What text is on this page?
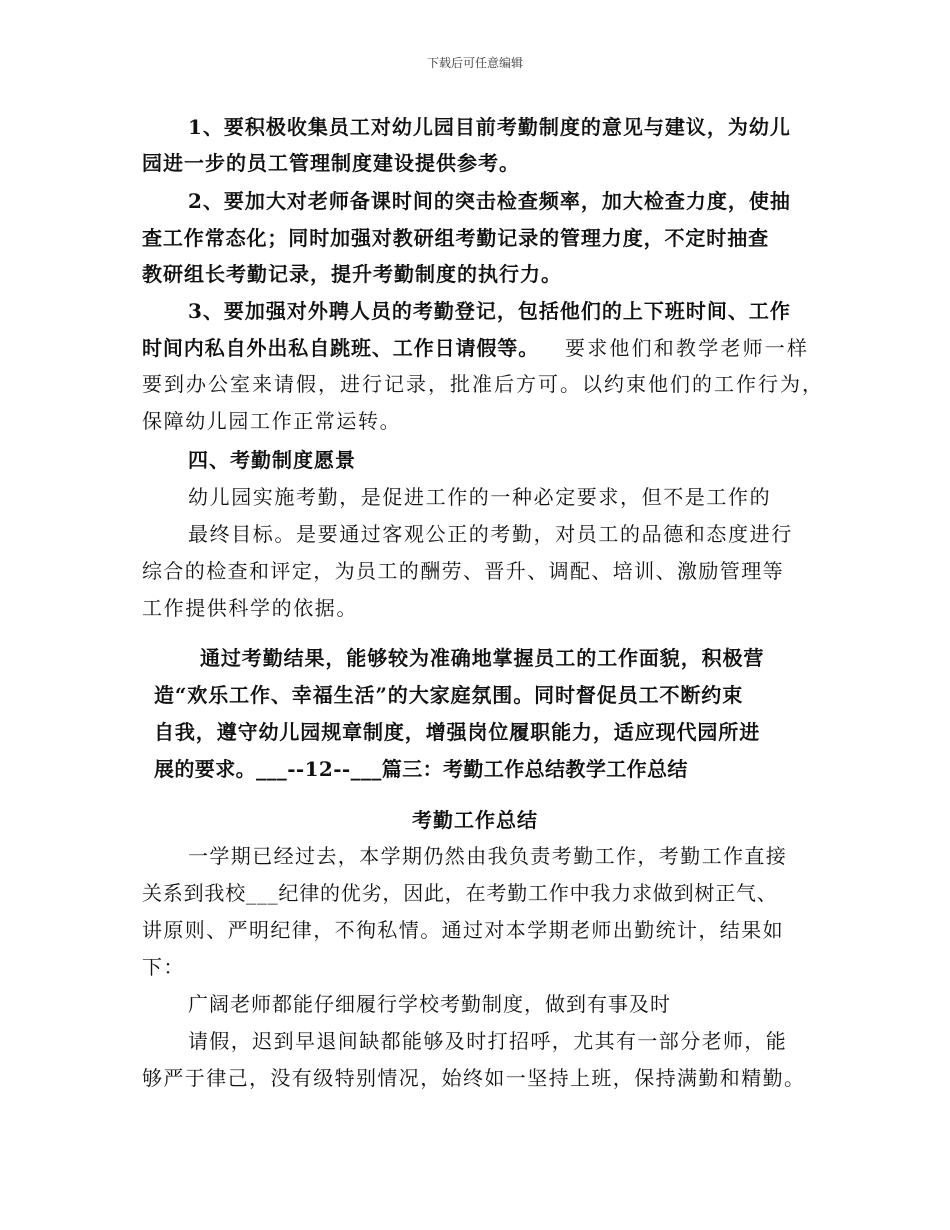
下载后可任意编辑
1、要积极收集员工对幼儿园目前考勤制度的意见与建议，为幼儿
园进一步的员工管理制度建设提供参考。
2、要加大对老师备课时间的突击检查频率，加大检查力度，使抽
查工作常态化；同时加强对教研组考勤记录的管理力度，不定时抽查
教研组长考勤记录，提升考勤制度的执行力。
3、要加强对外聘人员的考勤登记，包括他们的上下班时间、工作
时间内私自外出私自跳班、工作日请假等。 要求他们和教学老师一样
要到办公室来请假，进行记录，批准后方可。以约束他们的工作行为，
保障幼儿园工作正常运转。
四、考勤制度愿景
幼儿园实施考勤，是促进工作的一种必定要求，但不是工作的
最终目标。是要通过客观公正的考勤，对员工的品德和态度进行
综合的检查和评定，为员工的酬劳、晋升、调配、培训、激励管理等
工作提供科学的依据。
通过考勤结果，能够较为准确地掌握员工的工作面貌，积极营
造“欢乐工作、幸福生活”的大家庭氛围。同时督促员工不断约束
自我，遵守幼儿园规章制度，增强岗位履职能力，适应现代园所进
展的要求。___--12--___篇三：考勤工作总结教学工作总结
考勤工作总结
一学期已经过去，本学期仍然由我负责考勤工作，考勤工作直接
关系到我校___纪律的优劣，因此，在考勤工作中我力求做到树正气、
讲原则、严明纪律，不徇私情。通过对本学期老师出勤统计，结果如
下：
广阔老师都能仔细履行学校考勤制度，做到有事及时
请假，迟到早退间缺都能够及时打招呼，尤其有一部分老师，能
够严于律己，没有级特别情况，始终如一坚持上班，保持满勤和精勤。
